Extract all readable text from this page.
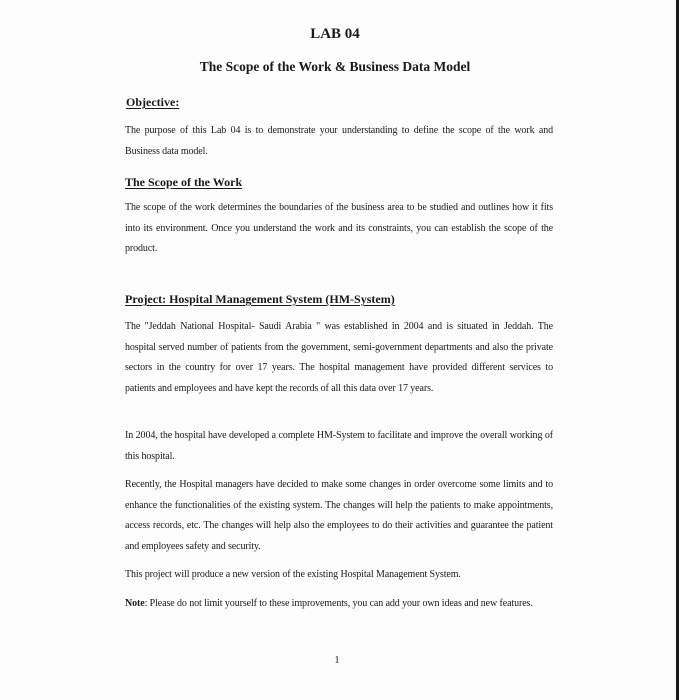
LAB 04
The Scope of the Work & Business Data Model
Objective:
The purpose of this Lab 04 is to demonstrate your understanding to define the scope of the work and Business data model.
The Scope of the Work
The scope of the work determines the boundaries of the business area to be studied and outlines how it fits into its environment. Once you understand the work and its constraints, you can establish the scope of the product.
Project: Hospital Management System (HM-System)
The "Jeddah National Hospital- Saudi Arabia " was established in 2004 and is situated in Jeddah. The hospital served number of patients from the government, semi-government departments and also the private sectors in the country for over 17 years. The hospital management have provided different services to patients and employees and have kept the records of all this data over 17 years.
In 2004, the hospital have developed a complete HM-System to facilitate and improve the overall working of this hospital.
Recently, the Hospital managers have decided to make some changes in order overcome some limits and to enhance the functionalities of the existing system. The changes will help the patients to make appointments, access records, etc. The changes will help also the employees to do their activities and guarantee the patient and employees safety and security.
This project will produce a new version of the existing Hospital Management System.
Note: Please do not limit yourself to these improvements, you can add your own ideas and new features.
1
